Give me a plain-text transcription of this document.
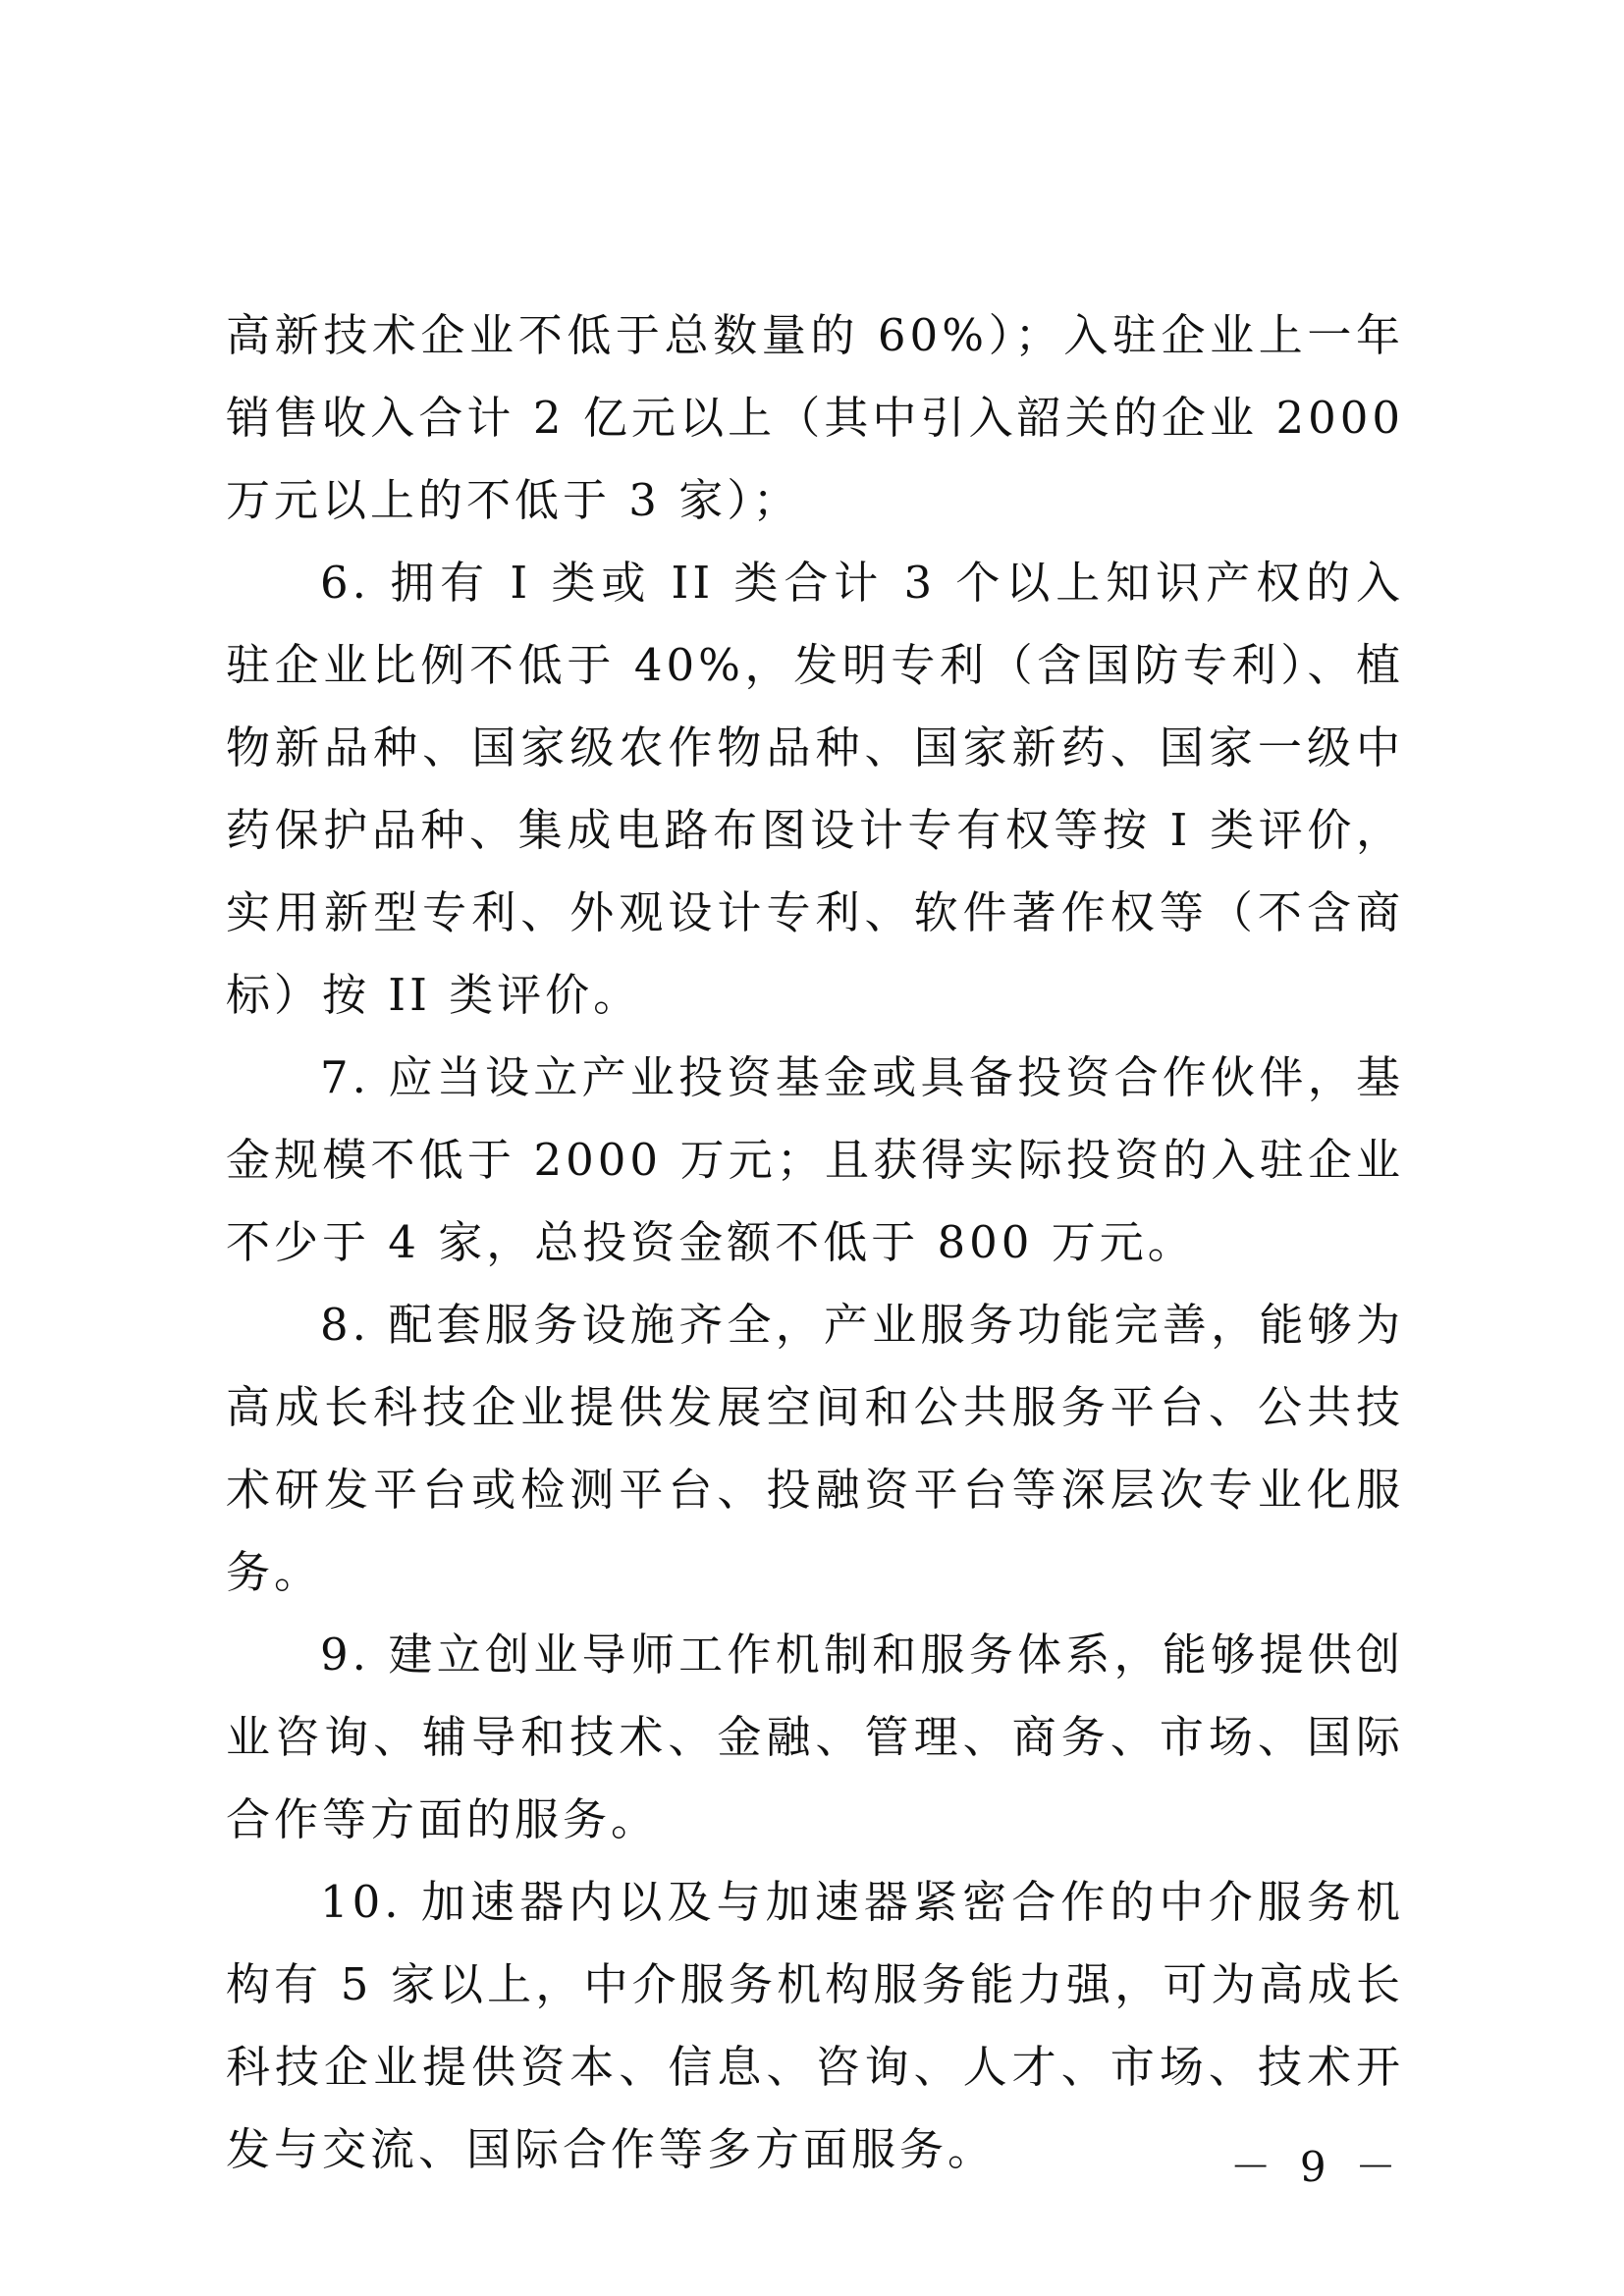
高新技术企业不低于总数量的 60%）；入驻企业上一年销售收入合计 2 亿元以上（其中引入韶关的企业 2000 万元以上的不低于 3 家）；

6. 拥有 I 类或 II 类合计 3 个以上知识产权的入驻企业比例不低于 40%，发明专利（含国防专利）、植物新品种、国家级农作物品种、国家新药、国家一级中药保护品种、集成电路布图设计专有权等按 I 类评价，实用新型专利、外观设计专利、软件著作权等（不含商标）按 II 类评价。

7. 应当设立产业投资基金或具备投资合作伙伴，基金规模不低于 2000 万元；且获得实际投资的入驻企业不少于 4 家，总投资金额不低于 800 万元。

8. 配套服务设施齐全，产业服务功能完善，能够为高成长科技企业提供发展空间和公共服务平台、公共技术研发平台或检测平台、投融资平台等深层次专业化服务。

9. 建立创业导师工作机制和服务体系，能够提供创业咨询、辅导和技术、金融、管理、商务、市场、国际合作等方面的服务。

10. 加速器内以及与加速器紧密合作的中介服务机构有 5 家以上，中介服务机构服务能力强，可为高成长科技企业提供资本、信息、咨询、人才、市场、技术开发与交流、国际合作等多方面服务。	－ 9 －
